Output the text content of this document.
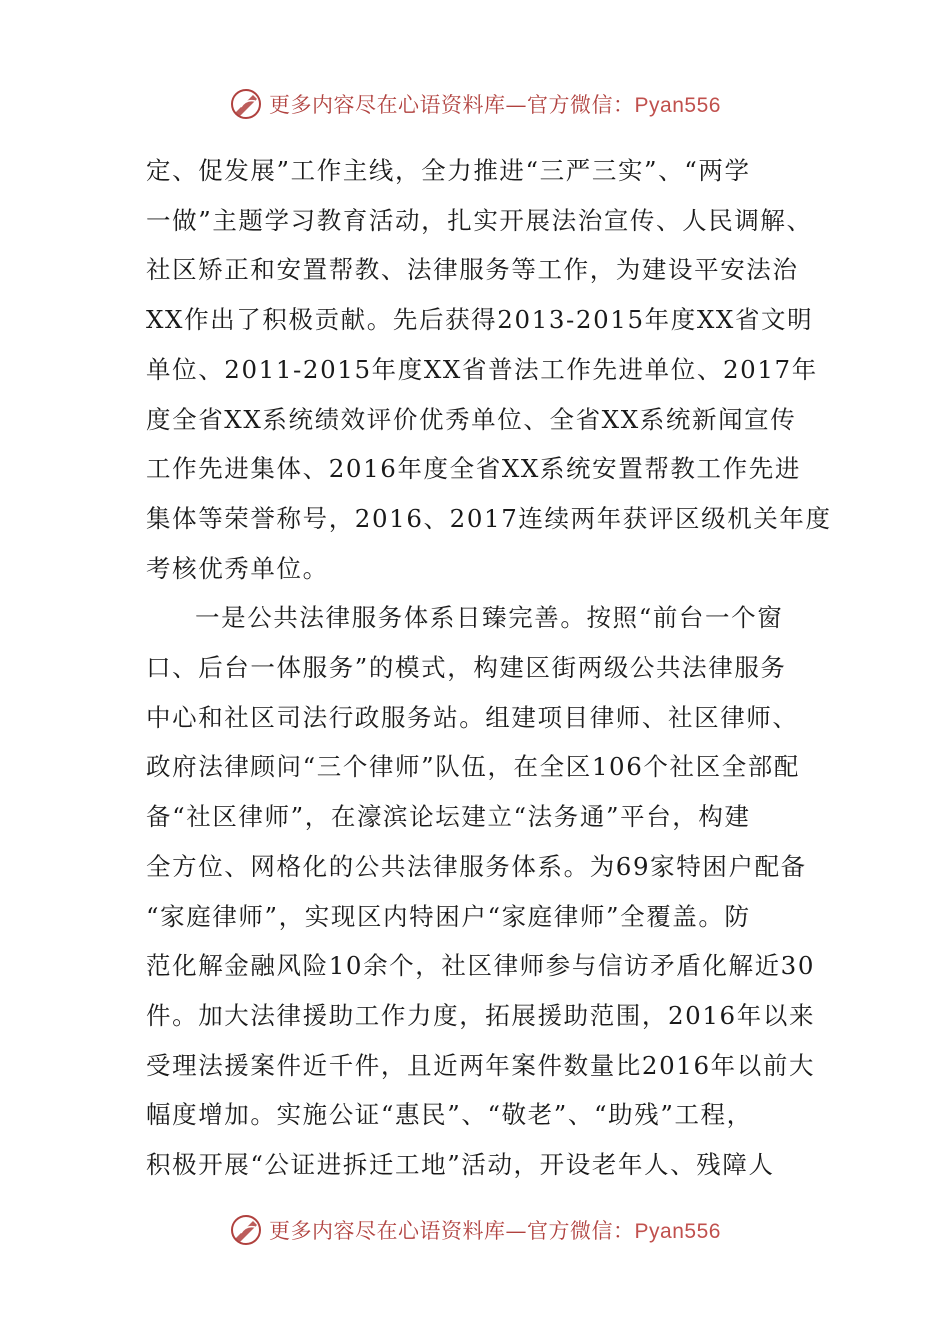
更多内容尽在心语资料库—官方微信：Pyan556

定、促发展”工作主线，全力推进“三严三实”、“两学
一做”主题学习教育活动，扎实开展法治宣传、人民调解、
社区矫正和安置帮教、法律服务等工作，为建设平安法治
XX作出了积极贡献。先后获得2013-2015年度XX省文明
单位、2011-2015年度XX省普法工作先进单位、2017年
度全省XX系统绩效评价优秀单位、全省XX系统新闻宣传
工作先进集体、2016年度全省XX系统安置帮教工作先进
集体等荣誉称号，2016、2017连续两年获评区级机关年度
考核优秀单位。

一是公共法律服务体系日臻完善。按照“前台一个窗
口、后台一体服务”的模式，构建区街两级公共法律服务
中心和社区司法行政服务站。组建项目律师、社区律师、
政府法律顾问“三个律师”队伍，在全区106个社区全部配
备“社区律师”，在濠滨论坛建立“法务通”平台，构建
全方位、网格化的公共法律服务体系。为69家特困户配备
“家庭律师”，实现区内特困户“家庭律师”全覆盖。防
范化解金融风险10余个，社区律师参与信访矛盾化解近30
件。加大法律援助工作力度，拓展援助范围，2016年以来
受理法援案件近千件，且近两年案件数量比2016年以前大
幅度增加。实施公证“惠民”、“敬老”、“助残”工程，
积极开展“公证进拆迁工地”活动，开设老年人、残障人

更多内容尽在心语资料库—官方微信：Pyan556
